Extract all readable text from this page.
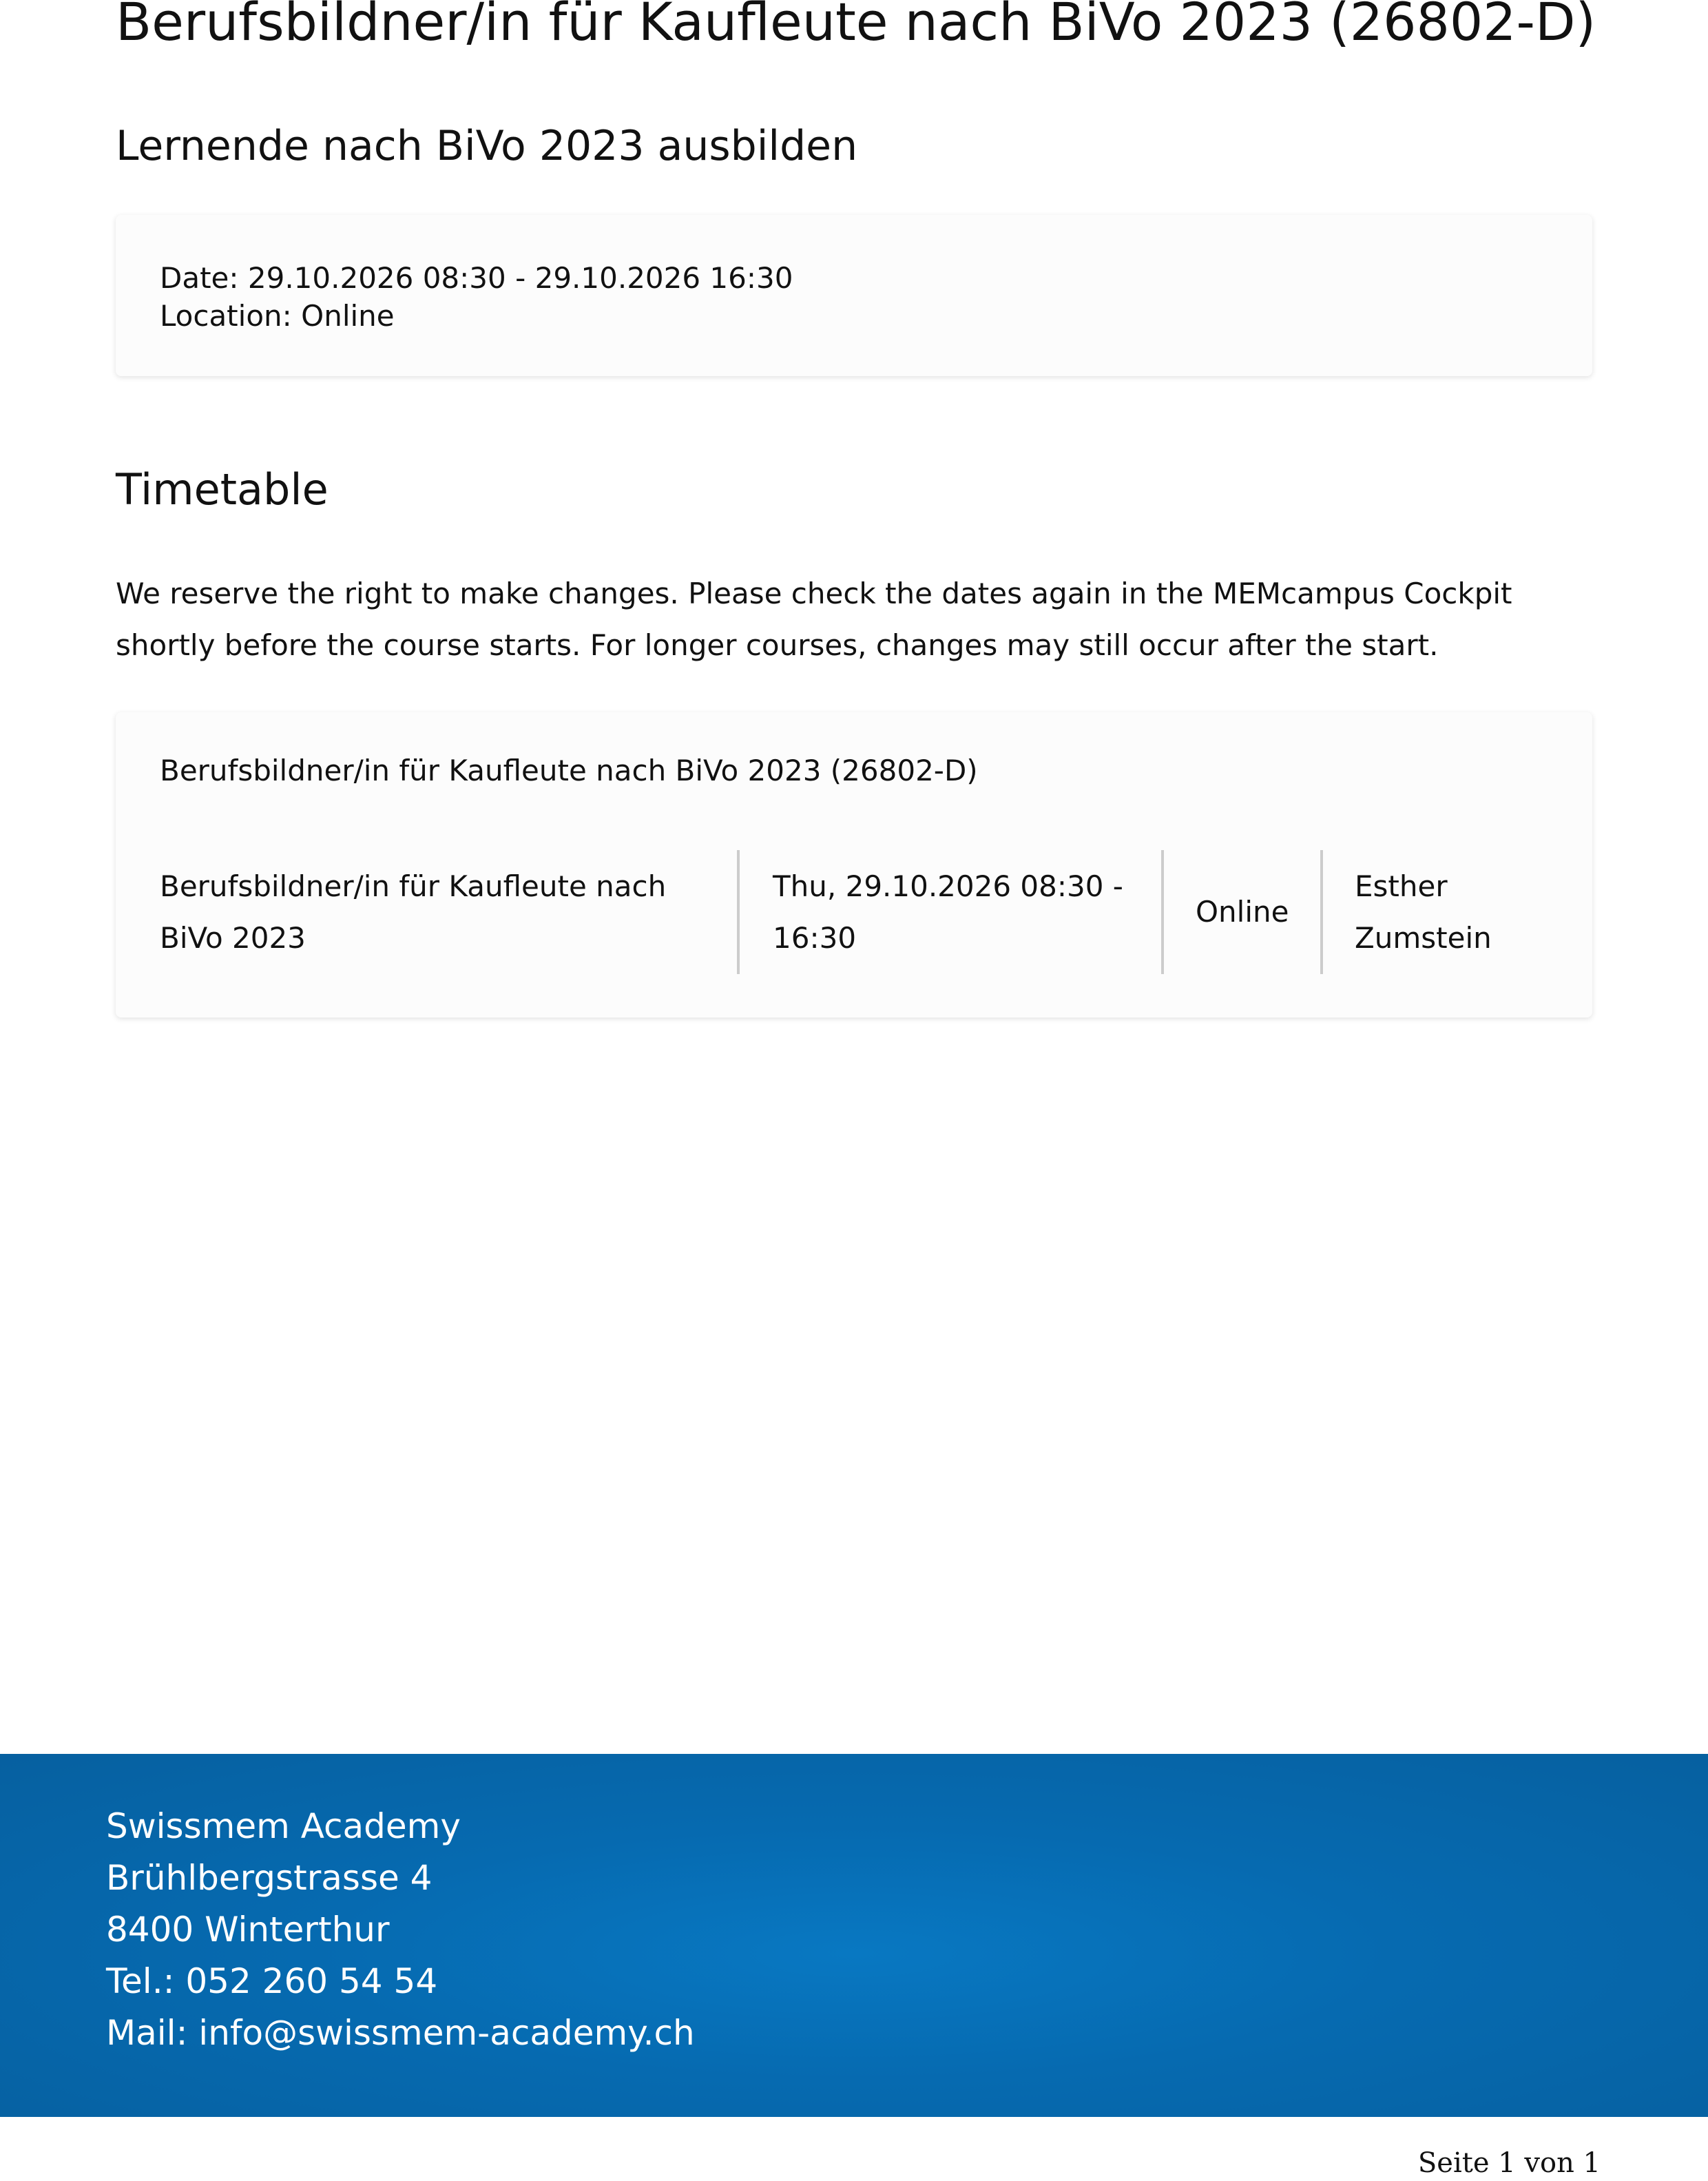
Berufsbildner/in für Kaufleute nach BiVo 2023 (26802-D)
Lernende nach BiVo 2023 ausbilden
Date: 29.10.2026 08:30 - 29.10.2026 16:30
Location: Online
Timetable

We reserve the right to make changes. Please check the dates again in the MEMcampus Cockpit shortly before the course starts. For longer courses, changes may still occur after the start.

Berufsbildner/in für Kaufleute nach BiVo 2023 (26802-D)
Berufsbildner/in für Kaufleute nach BiVo 2023
Thu, 29.10.2026 08:30 - 16:30
Online
Esther Zumstein
Swissmem Academy
Brühlbergstrasse 4
8400 Winterthur
Tel.: 052 260 54 54
Mail: info@swissmem-academy.ch
Seite 1 von 1
